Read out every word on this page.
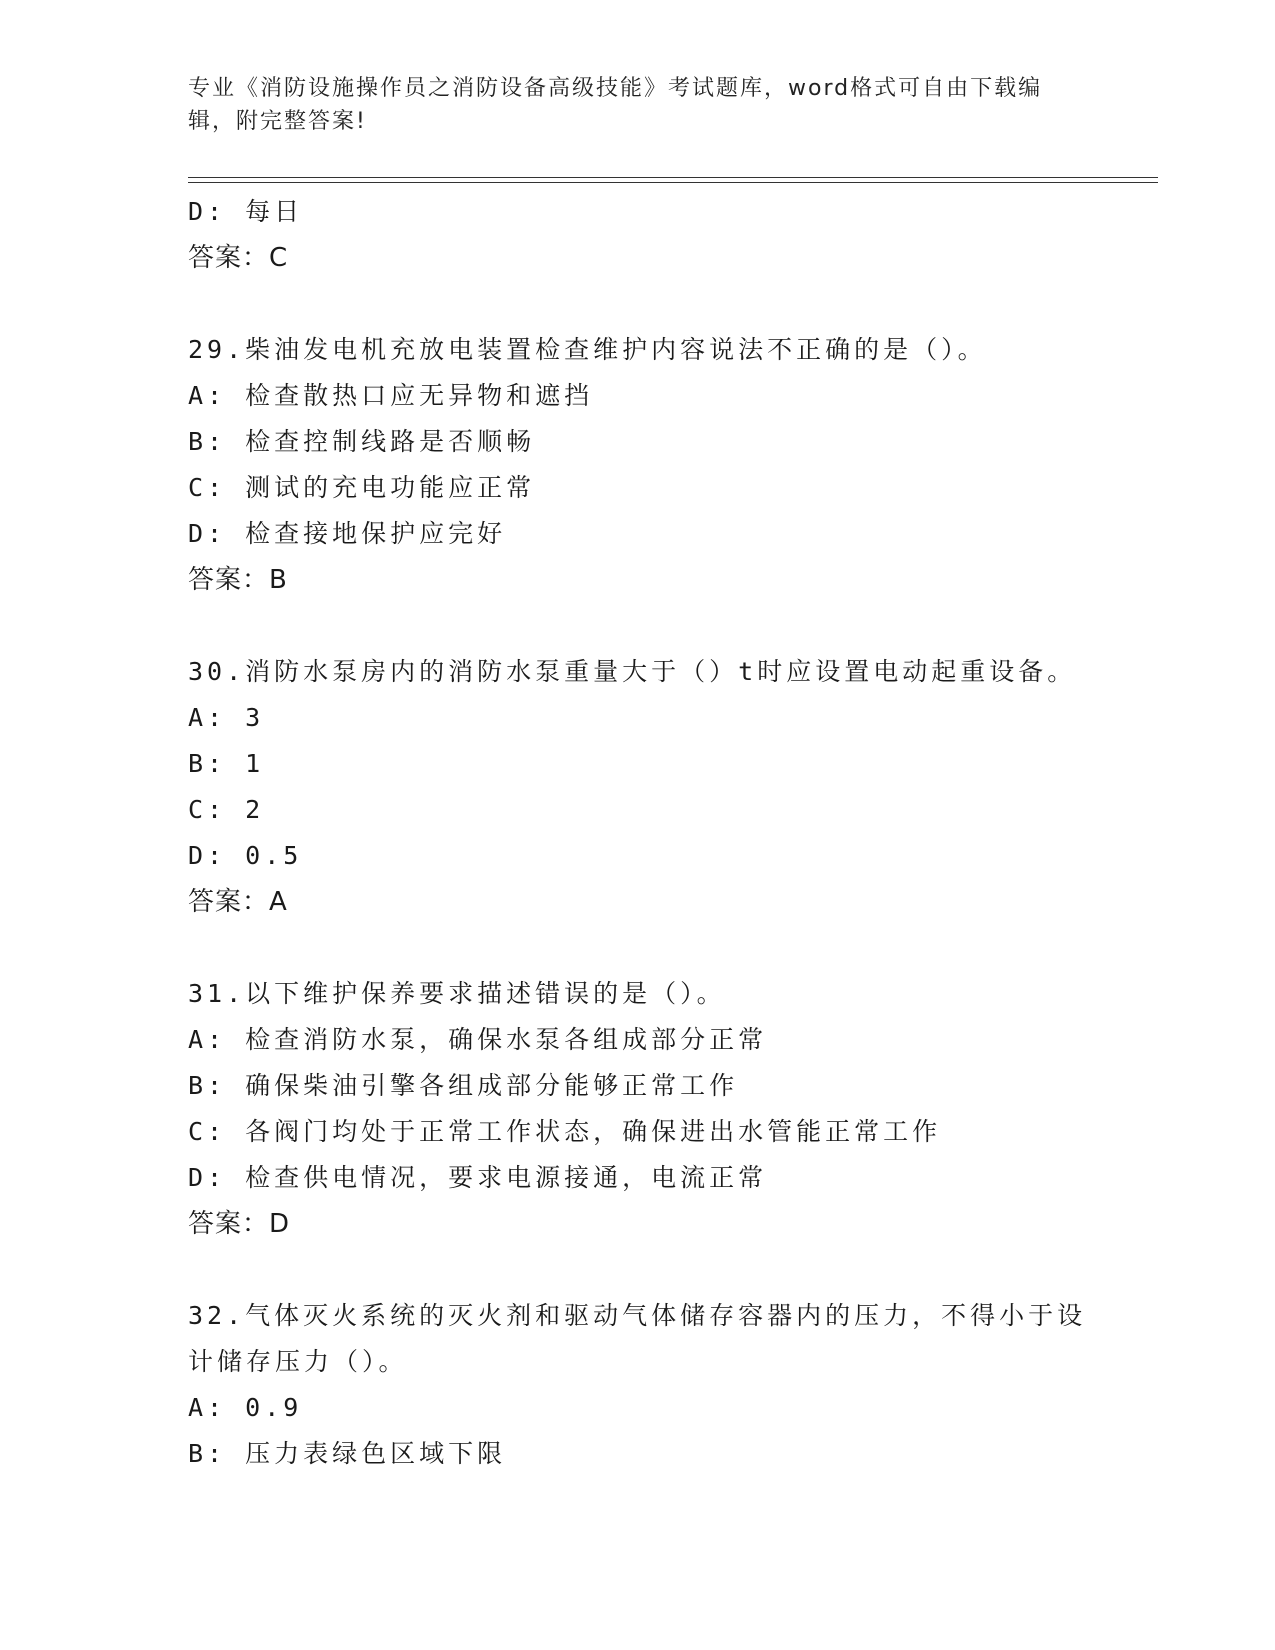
专业《消防设施操作员之消防设备高级技能》考试题库，word格式可自由下载编辑，附完整答案!
D: 每日
答案：C
29.柴油发电机充放电装置检查维护内容说法不正确的是（）。
A: 检查散热口应无异物和遮挡
B: 检查控制线路是否顺畅
C: 测试的充电功能应正常
D: 检查接地保护应完好
答案：B
30.消防水泵房内的消防水泵重量大于（）t时应设置电动起重设备。
A: 3
B: 1
C: 2
D: 0.5
答案：A
31.以下维护保养要求描述错误的是（）。
A: 检查消防水泵，确保水泵各组成部分正常
B: 确保柴油引擎各组成部分能够正常工作
C: 各阀门均处于正常工作状态，确保进出水管能正常工作
D: 检查供电情况，要求电源接通，电流正常
答案：D
32.气体灭火系统的灭火剂和驱动气体储存容器内的压力，不得小于设计储存压力（）。
A: 0.9
B: 压力表绿色区域下限
